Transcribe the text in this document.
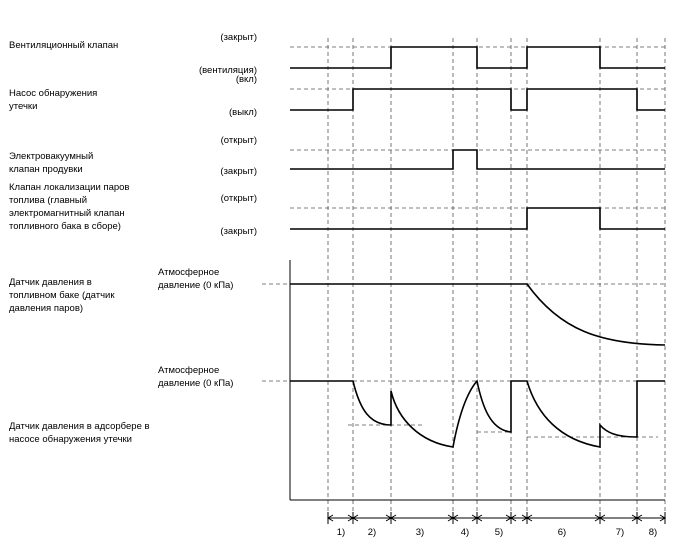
Вентиляционный клапан
(закрыт)
(вентиляция)
Насос обнаружения
утечки
(вкл)
(выкл)
Электровакуумный
клапан продувки
(открыт)
(закрыт)
Клапан локализации паров
топлива (главный
электромагнитный клапан
топливного бака в сборе)
(открыт)
(закрыт)
Датчик давления в
топливном баке (датчик
давления паров)
Атмосферное
давление (0 кПа)
Датчик давления в адсорбере в
насосе обнаружения утечки
Атмосферное
давление (0 кПа)
1) 2)	3)	4)	5)	6)	7)	8)
